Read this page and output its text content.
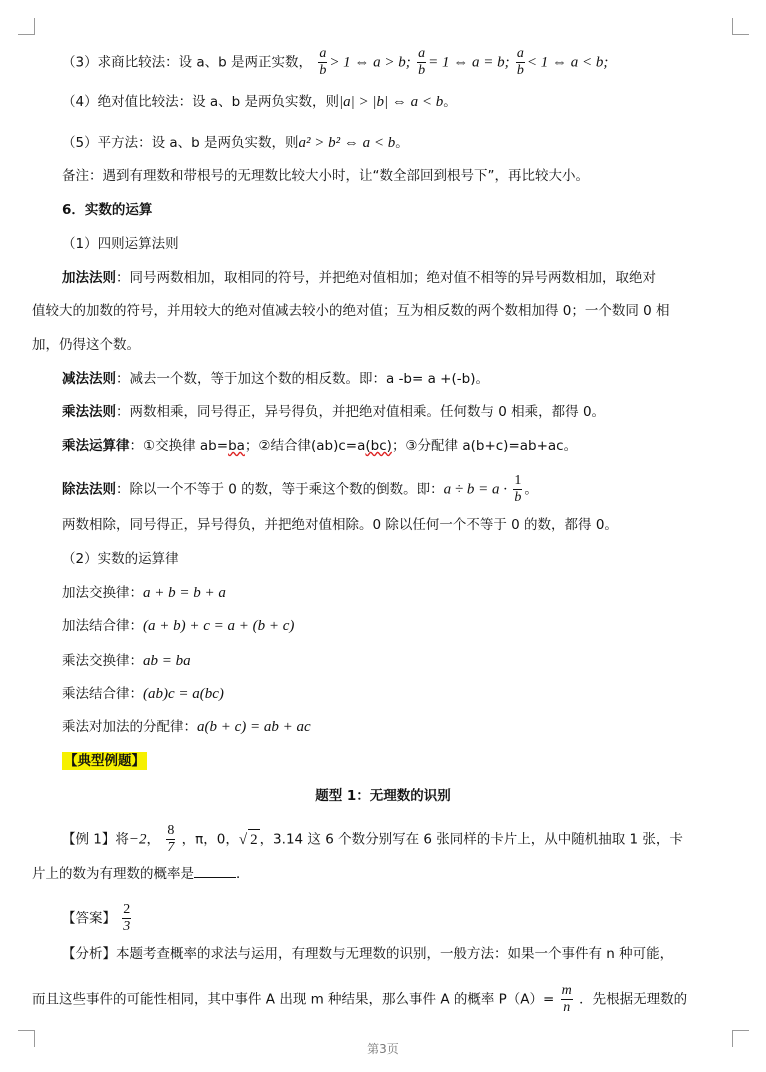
（3）求商比较法：设 a、b 是两正实数， $\frac{a}{b} > 1$ ⇔ a > b; $\frac{a}{b} = 1$ ⇔ a = b; $\frac{a}{b} < 1$ ⇔ a < b;
（4）绝对值比较法：设 a、b 是两负实数，则|a| > |b| ⇔ a < b。
（5）平方法：设 a、b 是两负实数，则a² > b² ⇔ a < b。
备注：遇到有理数和带根号的无理数比较大小时，让“数全部回到根号下”，再比较大小。
6．实数的运算
（1）四则运算法则
加法法则：同号两数相加，取相同的符号，并把绝对值相加；绝对值不相等的异号两数相加，取绝对
值较大的加数的符号，并用较大的绝对值减去较小的绝对值；互为相反数的两个数相加得 0；一个数同 0 相
加，仍得这个数。
减法法则：减去一个数，等于加这个数的相反数。即：a -b= a +(-b)。
乘法法则：两数相乘，同号得正，异号得负，并把绝对值相乘。任何数与 0 相乘，都得 0。
乘法运算律：①交换律 ab=ba；②结合律(ab)c=a(bc)；③分配律 a(b+c)=ab+ac。
除法法则：除以一个不等于 0 的数，等于乘这个数的倒数。即：$a \div b = a \cdot \frac{1}{b}$ 。
两数相除，同号得正，异号得负，并把绝对值相除。0 除以任何一个不等于 0 的数，都得 0。
（2）实数的运算律
加法交换律：a + b = b + a
加法结合律：(a + b) + c = a + (b + c)
乘法交换律：ab = ba
乘法结合律：(ab)c = a(bc)
乘法对加法的分配律：a(b + c) = ab + ac
【典型例题】
题型 1：无理数的识别
【例 1】将−2， $\frac{8}{7}$ ，π，0，√ 2 ，3.14 这 6 个数分别写在 6 张同样的卡片上，从中随机抽取 1 张，卡
片上的数为有理数的概率是	．
【答案】 $\frac{2}{3}$
【分析】本题考查概率的求法与运用，有理数与无理数的识别，一般方法：如果一个事件有 n 种可能，
而且这些事件的可能性相同，其中事件 A 出现 m 种结果，那么事件 A 的概率 $P(A)= \frac{m}{n}$ ．先根据无理数的
第3页
